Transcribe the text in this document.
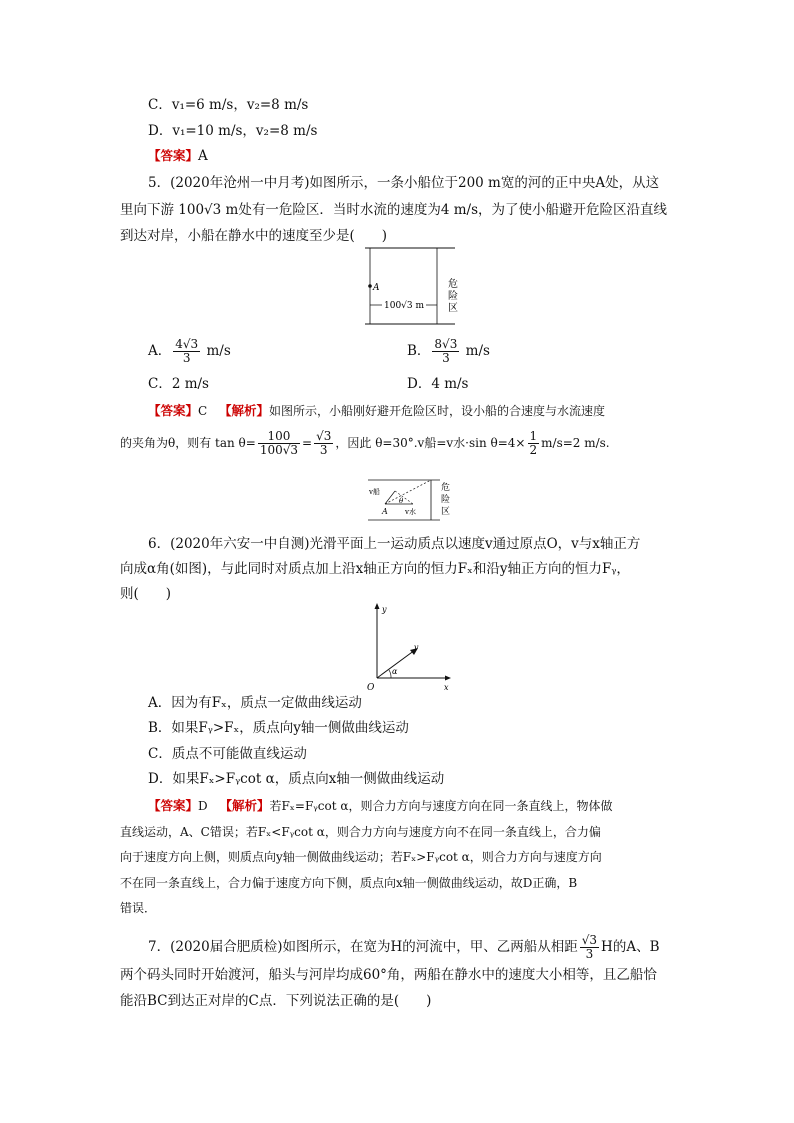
C．v₁=6 m/s，v₂=8 m/s
D．v₁=10 m/s，v₂=8 m/s
【答案】A
5．(2020年沧州一中月考)如图所示，一条小船位于200 m宽的河的正中央A处，从这
里向下游 100√3 m处有一危险区．当时水流的速度为4 m/s，为了使小船避开危险区沿直线
到达对岸，小船在静水中的速度至少是(　　)
A
100√3 m
危
险
区
A． $\frac{4√3}{3} m/s$	B． $\frac{8√3}{3} m/s$
C．2 m/s	D．4 m/s
【答案】C 【解析】如图所示，小船刚好避开危险区时，设小船的合速度与水流速度
的夹角为θ，则有 $\tan \theta= \frac{100}{100√3} = \frac{√3}{3}$ ，因此 θ=30°.v船=v水·sin $\theta=4\times \frac{1}{2} m/s=2$ m/s.
v船
θ
v水
A
危
险
区
6．(2020年六安一中自测)光滑平面上一运动质点以速度v通过原点O，v与x轴正方
向成α角(如图)，与此同时对质点加上沿x轴正方向的恒力Fₓ和沿y轴正方向的恒力Fᵧ，
则(　　)
y
x
O
v
α
A．因为有Fₓ，质点一定做曲线运动
B．如果Fᵧ>Fₓ，质点向y轴一侧做曲线运动
C．质点不可能做直线运动
D．如果Fₓ>Fᵧcot α，质点向x轴一侧做曲线运动
【答案】D 【解析】若Fₓ=Fᵧcot α，则合力方向与速度方向在同一条直线上，物体做
直线运动，A、C错误；若Fₓ<Fᵧcot α，则合力方向与速度方向不在同一条直线上，合力偏
向于速度方向上侧，则质点向y轴一侧做曲线运动；若Fₓ>Fᵧcot α，则合力方向与速度方向
不在同一条直线上，合力偏于速度方向下侧，质点向x轴一侧做曲线运动，故D正确，B
错误．
7．(2020届合肥质检)如图所示，在宽为H的河流中，甲、乙两船从相距 $\frac{√3}{3}$ H的A、B
两个码头同时开始渡河，船头与河岸均成60°角，两船在静水中的速度大小相等，且乙船恰
能沿BC到达正对岸的C点．下列说法正确的是(　　)
